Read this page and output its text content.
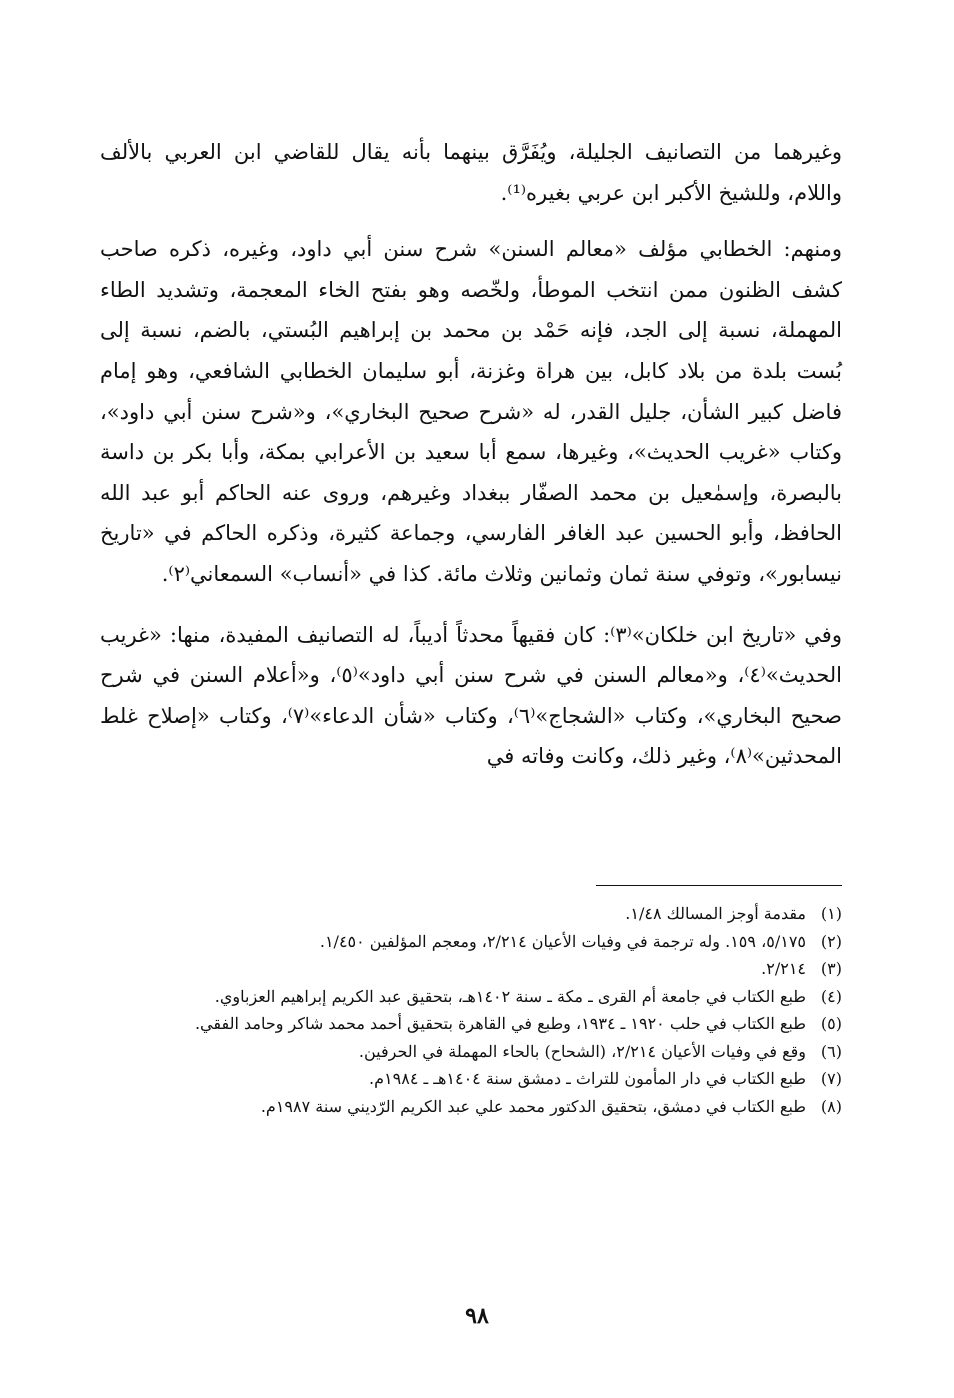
وغيرهما من التصانيف الجليلة، ويُفَرَّق بينهما بأنه يقال للقاضي ابن العربي بالألف واللام، وللشيخ الأكبر ابن عربي بغيره⁽¹⁾.

ومنهم: الخطابي مؤلف «معالم السنن» شرح سنن أبي داود، وغيره، ذكره صاحب كشف الظنون ممن انتخب الموطأ، ولخّصه وهو بفتح الخاء المعجمة، وتشديد الطاء المهملة، نسبة إلى الجد، فإنه حَمْد بن محمد بن إبراهيم البُستي، بالضم، نسبة إلى بُست بلدة من بلاد كابل، بين هراة وغزنة، أبو سليمان الخطابي الشافعي، وهو إمام فاضل كبير الشأن، جليل القدر، له «شرح صحيح البخاري»، و«شرح سنن أبي داود»، وكتاب «غريب الحديث»، وغيرها، سمع أبا سعيد بن الأعرابي بمكة، وأبا بكر بن داسة بالبصرة، وإسمٰعيل بن محمد الصفّار ببغداد وغيرهم، وروى عنه الحاكم أبو عبد الله الحافظ، وأبو الحسين عبد الغافر الفارسي، وجماعة كثيرة، وذكره الحاكم في «تاريخ نيسابور»، وتوفي سنة ثمان وثمانين وثلاث مائة. كذا في «أنساب» السمعاني⁽٢⁾.

وفي «تاريخ ابن خلكان»⁽٣⁾: كان فقيهاً محدثاً أديباً، له التصانيف المفيدة، منها: «غريب الحديث»⁽٤⁾، و«معالم السنن في شرح سنن أبي داود»⁽٥⁾، و«أعلام السنن في شرح صحيح البخاري»، وكتاب «الشجاج»⁽٦⁾، وكتاب «شأن الدعاء»⁽٧⁾، وكتاب «إصلاح غلط المحدثين»⁽٨⁾، وغير ذلك، وكانت وفاته في

(١)
مقدمة أوجز المسالك ١/٤٨.
(٢)
٥/١٧٥، ١٥٩. وله ترجمة في وفيات الأعيان ٢/٢١٤، ومعجم المؤلفين ١/٤٥٠.
(٣)
٢/٢١٤.
(٤)
طبع الكتاب في جامعة أم القرى ـ مكة ـ سنة ١٤٠٢هـ، بتحقيق عبد الكريم إبراهيم العزباوي.
(٥)
طبع الكتاب في حلب ١٩٢٠ ـ ١٩٣٤، وطبع في القاهرة بتحقيق أحمد محمد شاكر وحامد الفقي.
(٦)
وقع في وفيات الأعيان ٢/٢١٤، (الشحاح) بالحاء المهملة في الحرفين.
(٧)
طبع الكتاب في دار المأمون للتراث ـ دمشق سنة ١٤٠٤هـ ـ ١٩٨٤م.
(٨)
طبع الكتاب في دمشق، بتحقيق الدكتور محمد علي عبد الكريم الرّديني سنة ١٩٨٧م.
٩٨
